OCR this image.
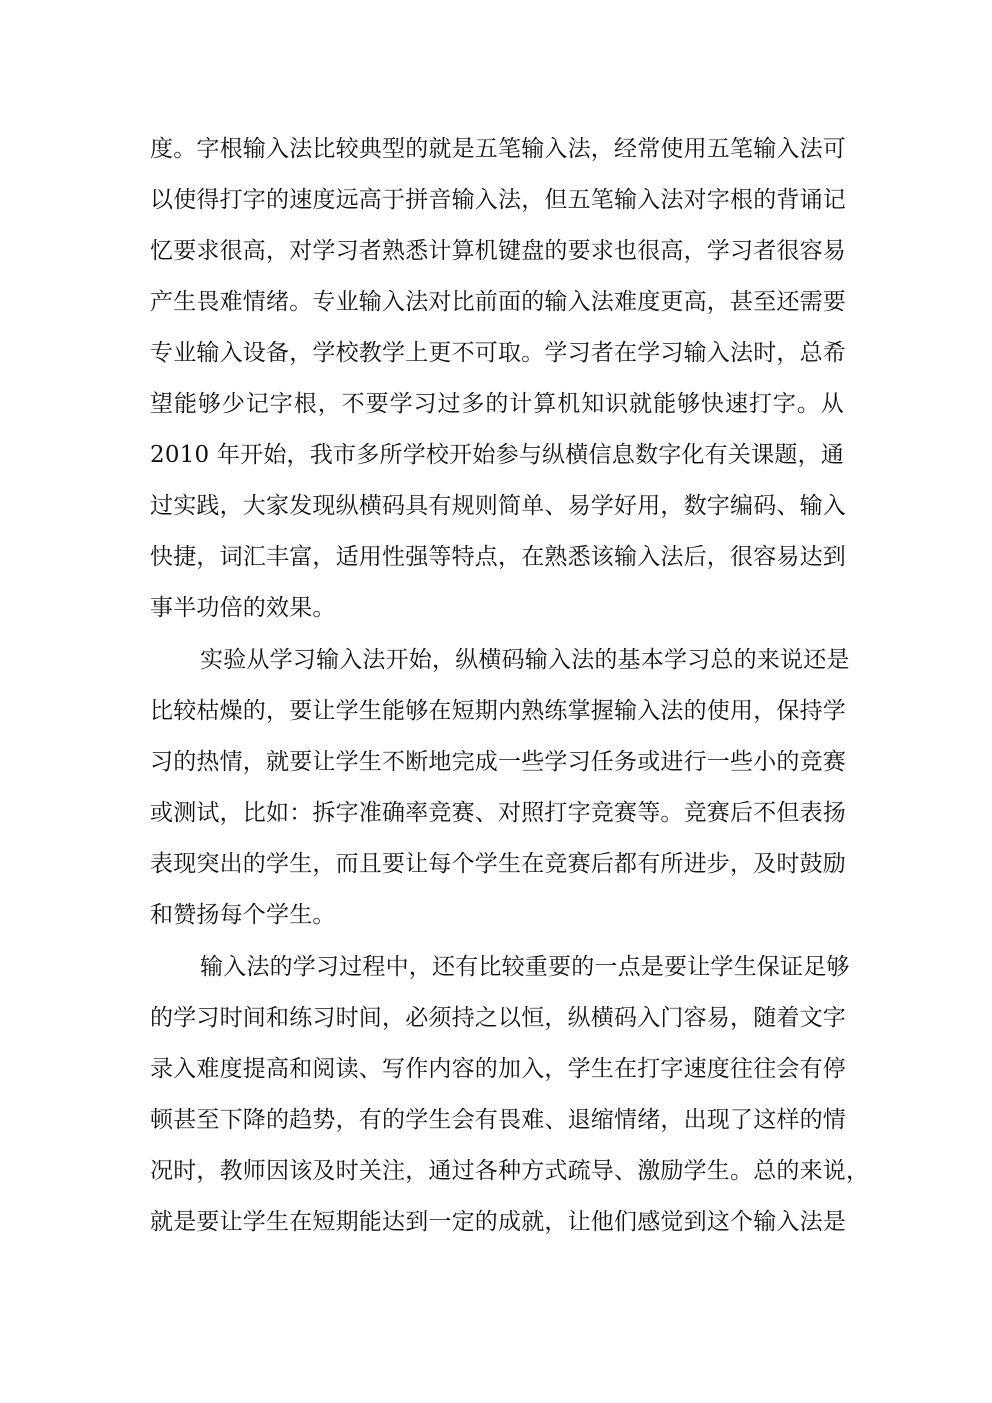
度。字根输入法比较典型的就是五笔输入法，经常使用五笔输入法可
以使得打字的速度远高于拼音输入法，但五笔输入法对字根的背诵记
忆要求很高，对学习者熟悉计算机键盘的要求也很高，学习者很容易
产生畏难情绪。专业输入法对比前面的输入法难度更高，甚至还需要
专业输入设备，学校教学上更不可取。学习者在学习输入法时，总希
望能够少记字根，不要学习过多的计算机知识就能够快速打字。从
2010 年开始，我市多所学校开始参与纵横信息数字化有关课题，通
过实践，大家发现纵横码具有规则简单、易学好用，数字编码、输入
快捷，词汇丰富，适用性强等特点，在熟悉该输入法后，很容易达到
事半功倍的效果。
实验从学习输入法开始，纵横码输入法的基本学习总的来说还是
比较枯燥的，要让学生能够在短期内熟练掌握输入法的使用，保持学
习的热情，就要让学生不断地完成一些学习任务或进行一些小的竞赛
或测试，比如：拆字准确率竞赛、对照打字竞赛等。竞赛后不但表扬
表现突出的学生，而且要让每个学生在竞赛后都有所进步，及时鼓励
和赞扬每个学生。
输入法的学习过程中，还有比较重要的一点是要让学生保证足够
的学习时间和练习时间，必须持之以恒，纵横码入门容易，随着文字
录入难度提高和阅读、写作内容的加入，学生在打字速度往往会有停
顿甚至下降的趋势，有的学生会有畏难、退缩情绪，出现了这样的情
况时，教师因该及时关注，通过各种方式疏导、激励学生。总的来说，
就是要让学生在短期能达到一定的成就，让他们感觉到这个输入法是
